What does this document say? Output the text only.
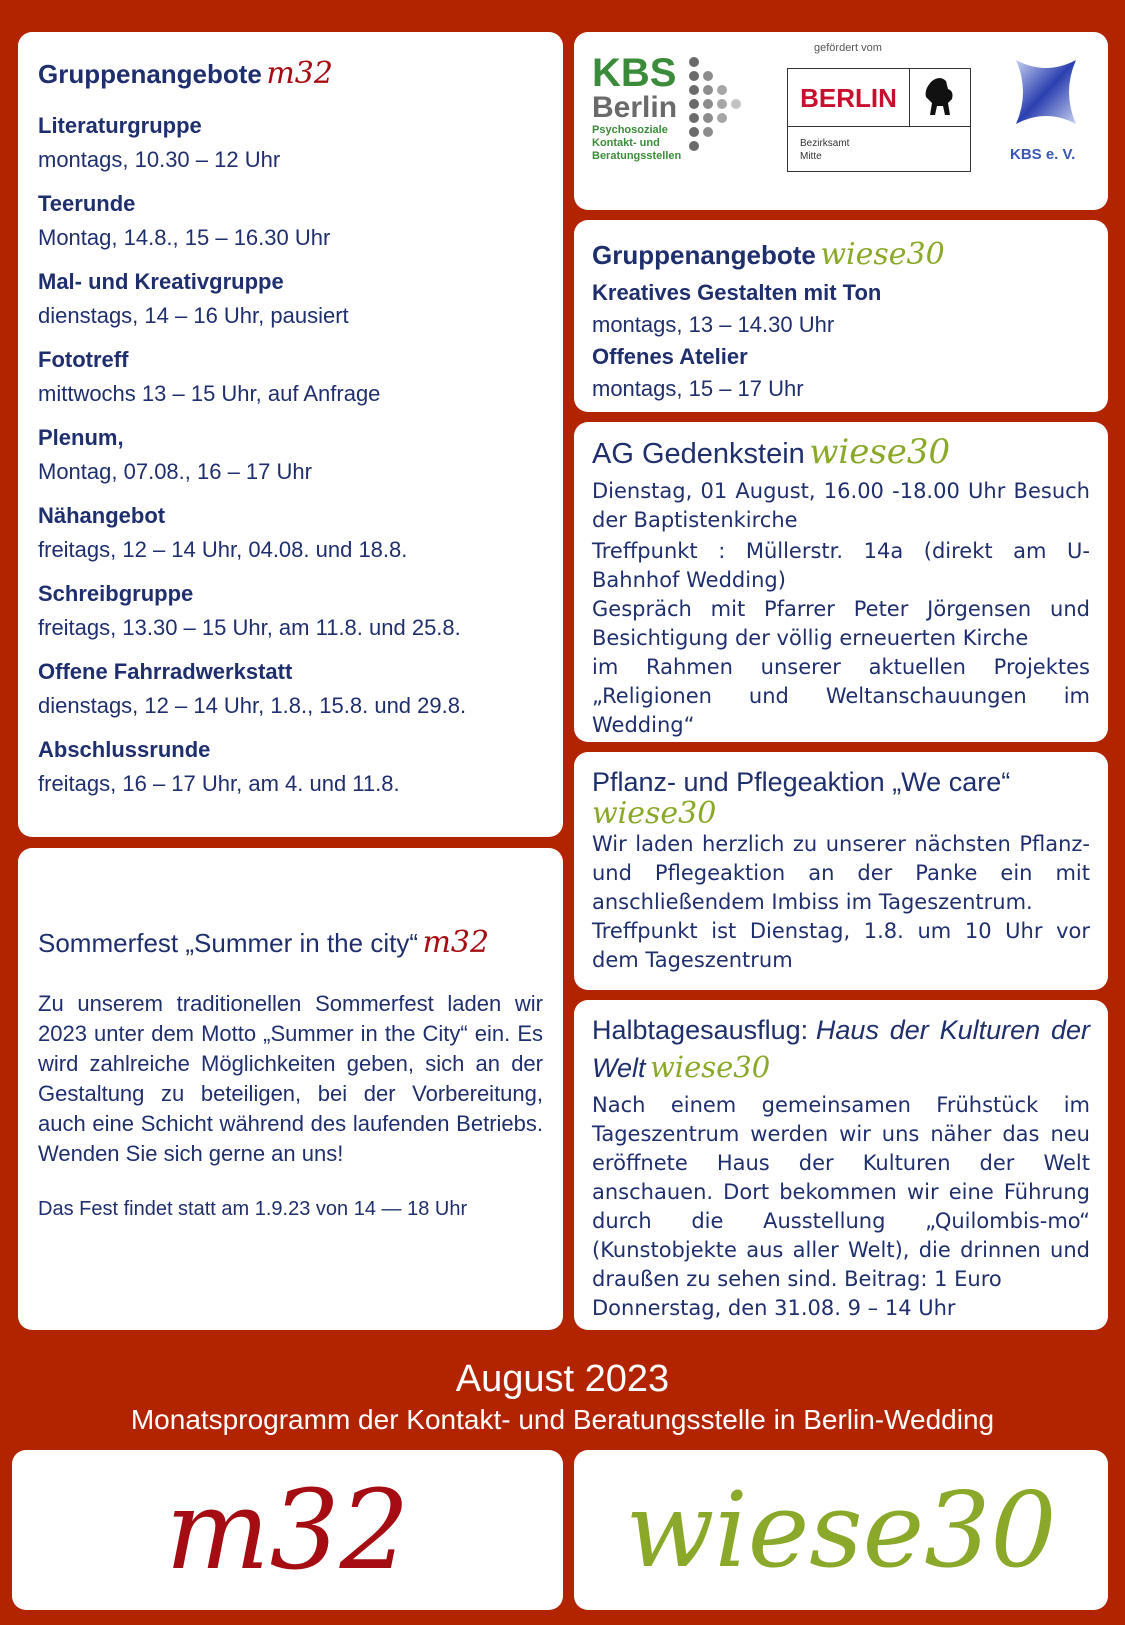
Gruppenangebote m32
Literaturgruppe
montags, 10.30 – 12 Uhr
Teerunde
Montag, 14.8., 15 – 16.30 Uhr
Mal- und Kreativgruppe
dienstags, 14 – 16 Uhr, pausiert
Fototreff
mittwochs 13 – 15 Uhr, auf Anfrage
Plenum,
Montag, 07.08., 16 – 17 Uhr
Nähangebot
freitags, 12 – 14 Uhr, 04.08. und 18.8.
Schreibgruppe
freitags, 13.30 – 15 Uhr, am 11.8. und 25.8.
Offene Fahrradwerkstatt
dienstags, 12 – 14 Uhr, 1.8., 15.8. und 29.8.
Abschlussrunde
freitags, 16 – 17 Uhr, am 4. und 11.8.
KBS
Berlin
Psychosoziale
Kontakt- und
Beratungsstellen
gefördert vom
BERLIN
Bezirksamt
Mitte	KBS e. V.
Gruppenangebote wiese30
Kreatives Gestalten mit Ton
montags, 13 – 14.30 Uhr
Offenes Atelier
montags, 15 – 17 Uhr
AG Gedenkstein wiese30

Dienstag, 01 August, 16.00 -18.00 Uhr Besuch der Baptistenkirche

Treffpunkt : Müllerstr. 14a (direkt am U-Bahnhof Wedding)

Gespräch mit Pfarrer Peter Jörgensen und Besichtigung der völlig erneuerten Kirche

im Rahmen unserer aktuellen Projektes „Religionen und Weltanschauungen im Wedding“

Pflanz- und Pflegeaktion „We care“
wiese30

Wir laden herzlich zu unserer nächsten Pflanz- und Pflegeaktion an der Panke ein mit anschließendem Imbiss im Tageszentrum.

Treffpunkt ist Dienstag, 1.8. um 10 Uhr vor dem Tageszentrum

Halbtagesausflug: Haus der Kulturen der Welt wiese30

Nach einem gemeinsamen Frühstück im Tageszentrum werden wir uns näher das neu eröffnete Haus der Kulturen der Welt anschauen. Dort bekommen wir eine Führung durch die Ausstellung „Quilombis-mo“ (Kunstobjekte aus aller Welt), die drinnen und draußen zu sehen sind. Beitrag: 1 Euro

Donnerstag, den 31.08. 9 – 14 Uhr

Sommerfest „Summer in the city“ m32

Zu unserem traditionellen Sommerfest laden wir 2023 unter dem Motto „Summer in the City“ ein. Es wird zahlreiche Möglichkeiten geben, sich an der Gestaltung zu beteiligen, bei der Vorbereitung, auch eine Schicht während des laufenden Betriebs. Wenden Sie sich gerne an uns!

Das Fest findet statt am 1.9.23 von 14 — 18 Uhr

August 2023
Monatsprogramm der Kontakt- und Beratungsstelle in Berlin-Wedding
m32	wiese30
